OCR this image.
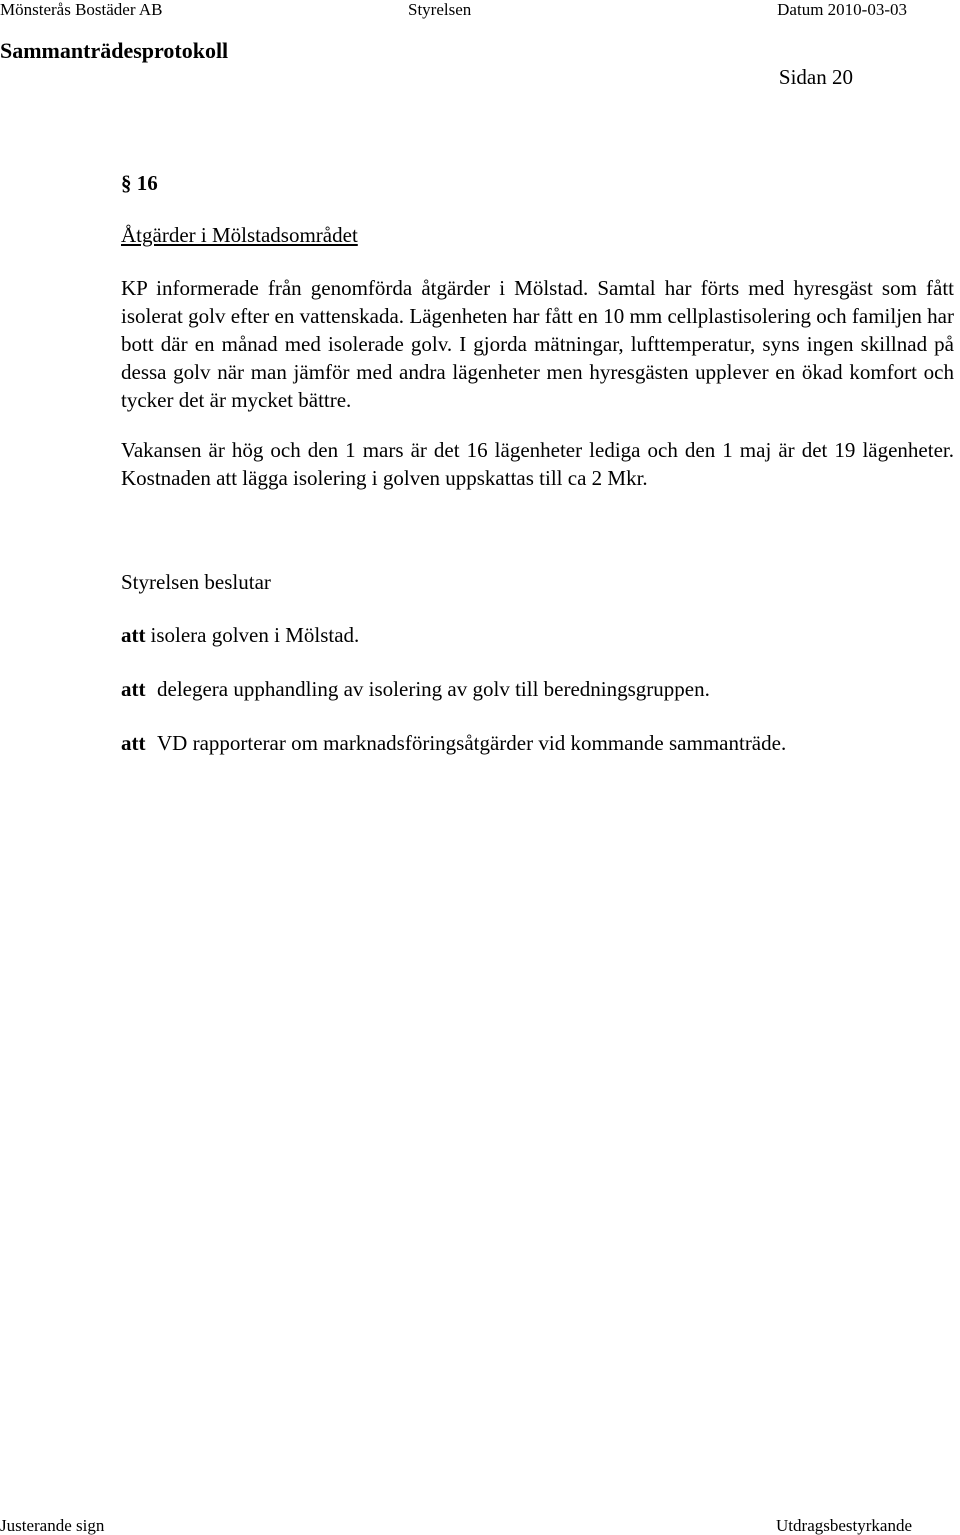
Mönsterås Bostäder AB	Styrelsen	Datum 2010-03-03
Sammanträdesprotokoll
Sidan 20
§ 16
Åtgärder i Mölstadsområdet

KP informerade från genomförda åtgärder i Mölstad. Samtal har förts med hyresgäst som fått isolerat golv efter en vattenskada. Lägenheten har fått en 10 mm cellplastisolering och familjen har bott där en månad med isolerade golv. I gjorda mätningar, lufttemperatur, syns ingen skillnad på dessa golv när man jämför med andra lägenheter men hyresgästen upplever en ökad komfort och tycker det är mycket bättre.

Vakansen är hög och den 1 mars är det 16 lägenheter lediga och den 1 maj är det 19 lägenheter. Kostnaden att lägga isolering i golven uppskattas till ca 2 Mkr.

Styrelsen beslutar
att isolera golven i Mölstad.
att delegera upphandling av isolering av golv till beredningsgruppen.
att VD rapporterar om marknadsföringsåtgärder vid kommande sammanträde.
Justerande sign	Utdragsbestyrkande
